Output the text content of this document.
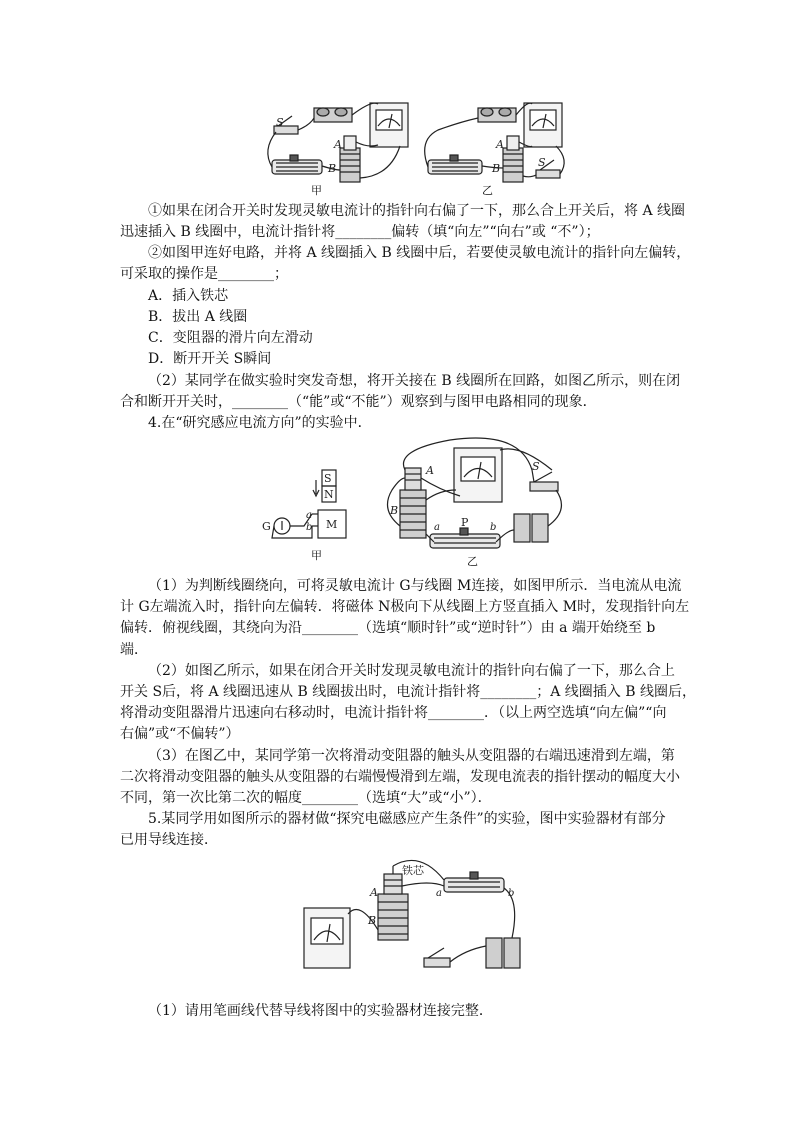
S
A
B
A
B	S
甲	乙
①如果在闭合开关时发现灵敏电流计的指针向右偏了一下，那么合上开关后，将 A 线圈
迅速插入 B 线圈中，电流计指针将________偏转（填“向左”“向右”或 “不”）；
②如图甲连好电路，并将 A 线圈插入 B 线圈中后，若要使灵敏电流计的指针向左偏转，
可采取的操作是________；
A．插入铁芯
B．拔出 A 线圈
C．变阻器的滑片向左滑动
D．断开开关 S瞬间
（2）某同学在做实验时突发奇想，将开关接在 B 线圈所在回路，如图乙所示，则在闭
合和断开开关时，________（“能”或“不能”）观察到与图甲电路相同的现象．
4.在“研究感应电流方向”的实验中．
S
N
M
G
a
b
A
B
P
a	b
S
甲	乙
（1）为判断线圈绕向，可将灵敏电流计 G与线圈 M连接，如图甲所示．当电流从电流
计 G左端流入时，指针向左偏转．将磁体 N极向下从线圈上方竖直插入 M时，发现指针向左
偏转．俯视线圈，其绕向为沿________（选填“顺时针”或“逆时针”）由 a 端开始绕至 b
端．
（2）如图乙所示，如果在闭合开关时发现灵敏电流计的指针向右偏了一下，那么合上
开关 S后，将 A 线圈迅速从 B 线圈拔出时，电流计指针将________；A 线圈插入 B 线圈后，
将滑动变阻器滑片迅速向右移动时，电流计指针将________．（以上两空选填“向左偏”“向
右偏”或“不偏转”）
（3）在图乙中，某同学第一次将滑动变阻器的触头从变阻器的右端迅速滑到左端，第
二次将滑动变阻器的触头从变阻器的右端慢慢滑到左端，发现电流表的指针摆动的幅度大小
不同，第一次比第二次的幅度________（选填“大”或“小”）．
5.某同学用如图所示的器材做“探究电磁感应产生条件”的实验，图中实验器材有部分
已用导线连接．
铁芯
A
B
a	b
（1）请用笔画线代替导线将图中的实验器材连接完整．
